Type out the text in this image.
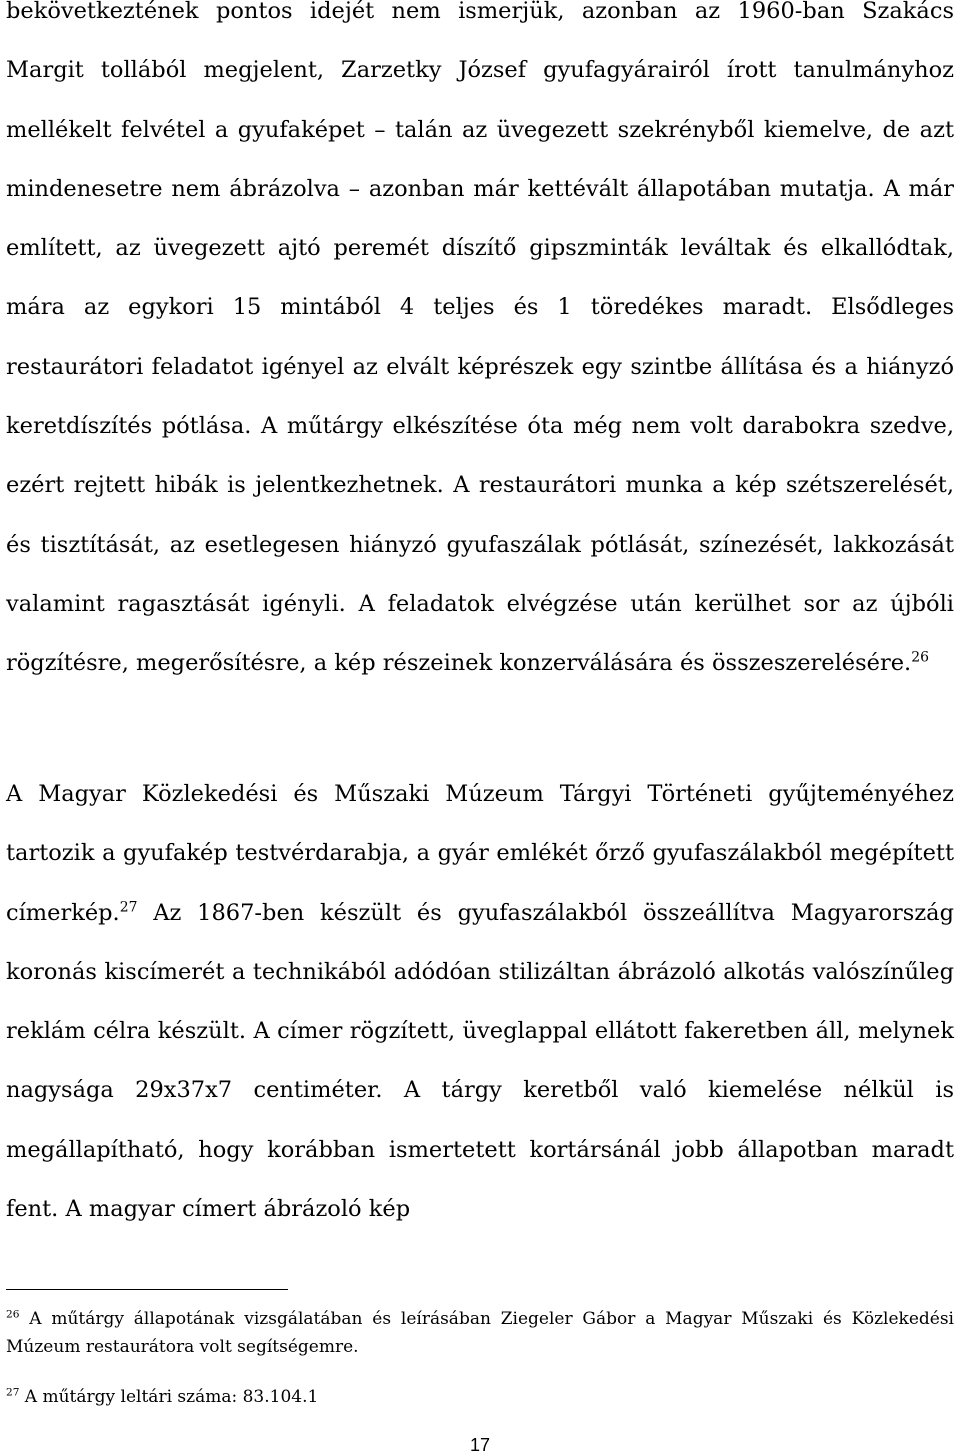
bekövetkeztének pontos idejét nem ismerjük, azonban az 1960-ban Szakács Margit tollából megjelent, Zarzetky József gyufagyárairól írott tanulmányhoz mellékelt felvétel a gyufaképet – talán az üvegezett szekrényből kiemelve, de azt mindenesetre nem ábrázolva – azonban már kettévált állapotában mutatja. A már említett, az üvegezett ajtó peremét díszítő gipszminták leváltak és elkallódtak, mára az egykori 15 mintából 4 teljes és 1 töredékes maradt. Elsődleges restaurátori feladatot igényel az elvált képrészek egy szintbe állítása és a hiányzó keretdíszítés pótlása. A műtárgy elkészítése óta még nem volt darabokra szedve, ezért rejtett hibák is jelentkezhetnek. A restaurátori munka a kép szétszerelését, és tisztítását, az esetlegesen hiányzó gyufaszálak pótlását, színezését, lakkozását valamint ragasztását igényli. A feladatok elvégzése után kerülhet sor az újbóli rögzítésre, megerősítésre, a kép részeinek konzerválására és összeszerelésére.$^{26}$

A Magyar Közlekedési és Műszaki Múzeum Tárgyi Történeti gyűjteményéhez tartozik a gyufakép testvérdarabja, a gyár emlékét őrző gyufaszálakból megépített címerkép.$^{27}$ Az 1867-ben készült és gyufaszálakból összeállítva Magyarország koronás kiscímerét a technikából adódóan stilizáltan ábrázoló alkotás valószínűleg reklám célra készült. A címer rögzített, üveglappal ellátott fakeretben áll, melynek nagysága 29x37x7 centiméter. A tárgy keretből való kiemelése nélkül is megállapítható, hogy korábban ismertetett kortársánál jobb állapotban maradt fent. A magyar címert ábrázoló kép

$^{26}$ A műtárgy állapotának vizsgálatában és leírásában Ziegeler Gábor a Magyar Műszaki és Közlekedési Múzeum restaurátora volt segítségemre.

$^{27}$ A műtárgy leltári száma: 83.104.1

17
